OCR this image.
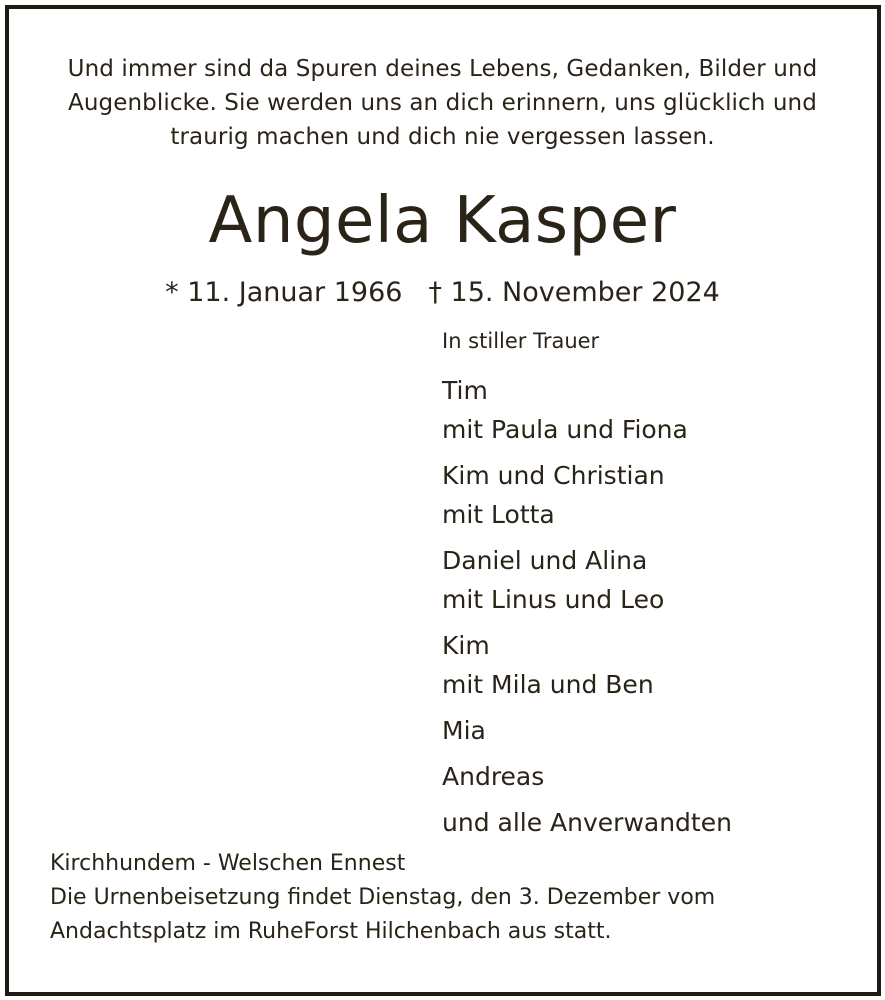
Und immer sind da Spuren deines Lebens, Gedanken, Bilder und
Augenblicke. Sie werden uns an dich erinnern, uns glücklich und
traurig machen und dich nie vergessen lassen.
Angela Kasper
* 11. Januar 1966 † 15. November 2024
In stiller Trauer
Tim
mit Paula und Fiona
Kim und Christian
mit Lotta
Daniel und Alina
mit Linus und Leo
Kim
mit Mila und Ben
Mia
Andreas
und alle Anverwandten
Kirchhundem - Welschen Ennest
Die Urnenbeisetzung findet Dienstag, den 3. Dezember vom
Andachtsplatz im RuheForst Hilchenbach aus statt.
